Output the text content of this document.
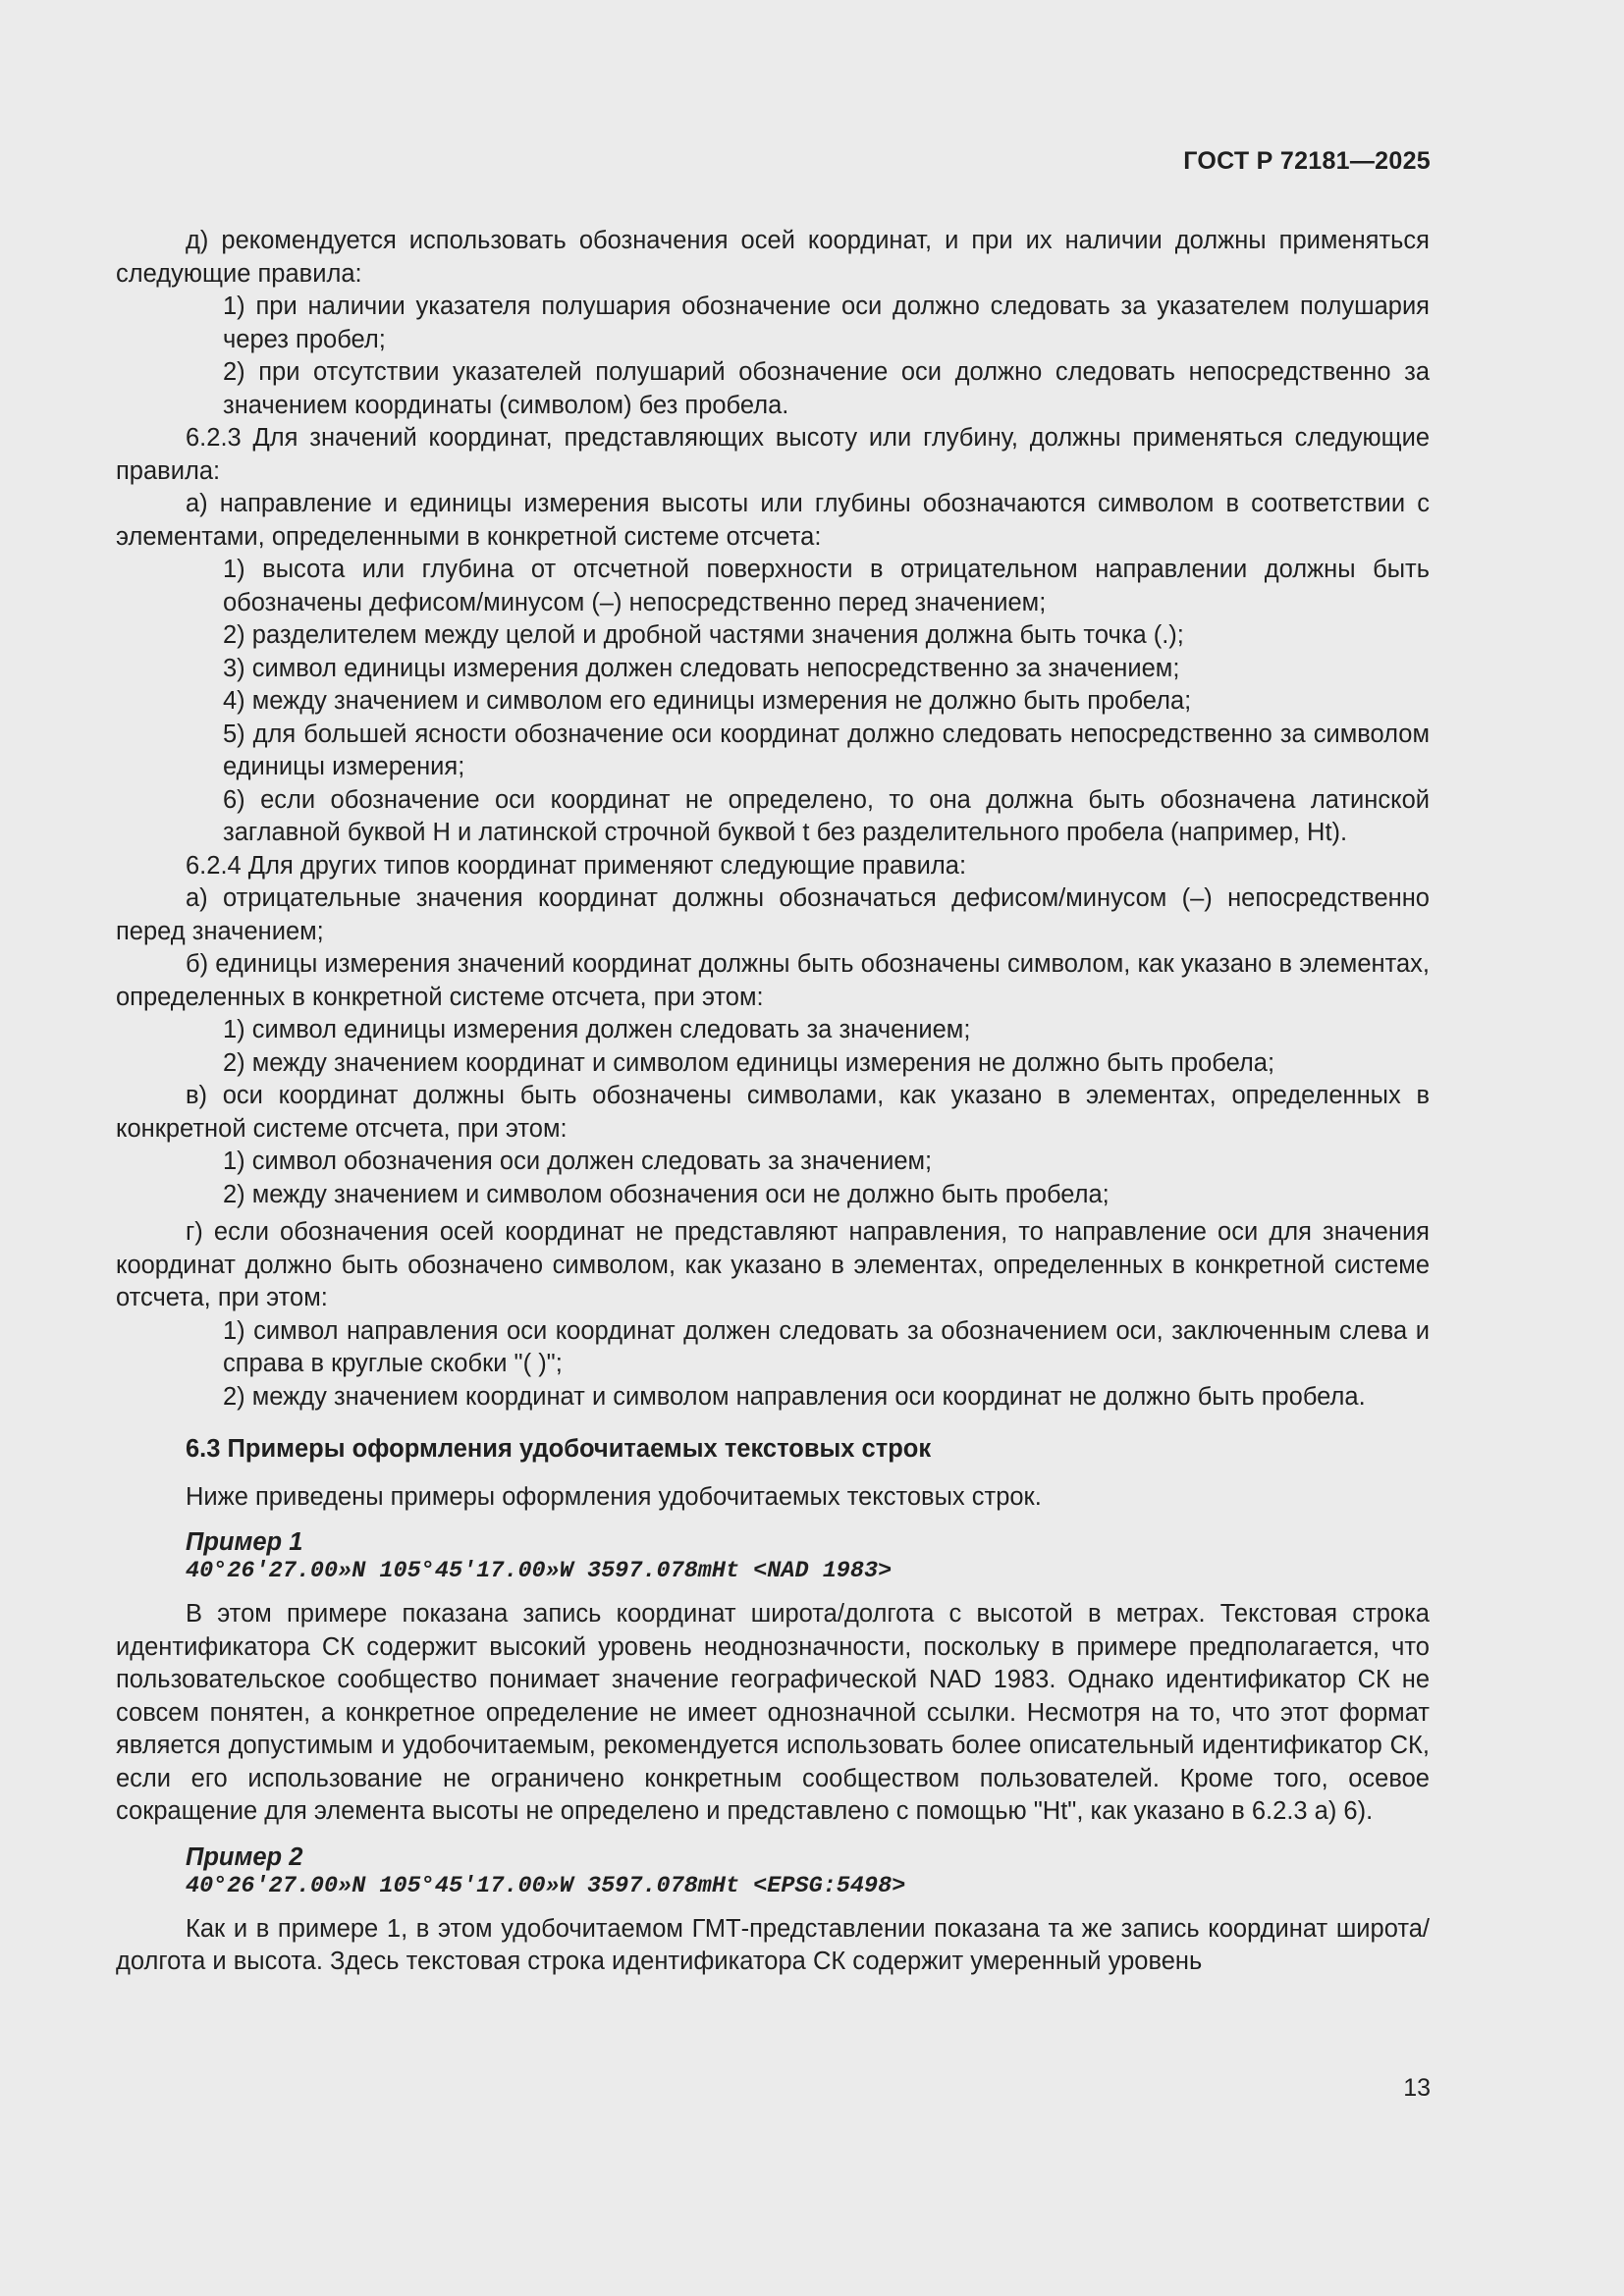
ГОСТ Р 72181—2025

д) рекомендуется использовать обозначения осей координат, и при их наличии должны применяться следующие правила:

1) при наличии указателя полушария обозначение оси должно следовать за указателем полушария через пробел;

2) при отсутствии указателей полушарий обозначение оси должно следовать непосредственно за значением координаты (символом) без пробела.

6.2.3 Для значений координат, представляющих высоту или глубину, должны применяться следующие правила:

а) направление и единицы измерения высоты или глубины обозначаются символом в соответствии с элементами, определенными в конкретной системе отсчета:

1) высота или глубина от отсчетной поверхности в отрицательном направлении должны быть обозначены дефисом/минусом (–) непосредственно перед значением;

2) разделителем между целой и дробной частями значения должна быть точка (.);

3) символ единицы измерения должен следовать непосредственно за значением;

4) между значением и символом его единицы измерения не должно быть пробела;

5) для большей ясности обозначение оси координат должно следовать непосредственно за символом единицы измерения;

6) если обозначение оси координат не определено, то она должна быть обозначена латинской заглавной буквой H и латинской строчной буквой t без разделительного пробела (например, Ht).

6.2.4 Для других типов координат применяют следующие правила:

а) отрицательные значения координат должны обозначаться дефисом/минусом (–) непосредственно перед значением;

б) единицы измерения значений координат должны быть обозначены символом, как указано в элементах, определенных в конкретной системе отсчета, при этом:

1) символ единицы измерения должен следовать за значением;

2) между значением координат и символом единицы измерения не должно быть пробела;

в) оси координат должны быть обозначены символами, как указано в элементах, определенных в конкретной системе отсчета, при этом:

1) символ обозначения оси должен следовать за значением;

2) между значением и символом обозначения оси не должно быть пробела;

г) если обозначения осей координат не представляют направления, то направление оси для значения координат должно быть обозначено символом, как указано в элементах, определенных в конкретной системе отсчета, при этом:

1) символ направления оси координат должен следовать за обозначением оси, заключенным слева и справа в круглые скобки "( )";

2) между значением координат и символом направления оси координат не должно быть пробела.

6.3 Примеры оформления удобочитаемых текстовых строк

Ниже приведены примеры оформления удобочитаемых текстовых строк.

Пример 1

40°26′27.00»N 105°45′17.00»W 3597.078mHt <NAD 1983>

В этом примере показана запись координат широта/долгота с высотой в метрах. Текстовая строка идентификатора СК содержит высокий уровень неоднозначности, поскольку в примере предполагается, что пользовательское сообщество понимает значение географической NAD 1983. Однако идентификатор СК не совсем понятен, а конкретное определение не имеет однозначной ссылки. Несмотря на то, что этот формат является допустимым и удобочитаемым, рекомендуется использовать более описательный идентификатор СК, если его использование не ограничено конкретным сообществом пользователей. Кроме того, осевое сокращение для элемента высоты не определено и представлено с помощью "Ht", как указано в 6.2.3 а) 6).

Пример 2

40°26′27.00»N 105°45′17.00»W 3597.078mHt <EPSG:5498>

Как и в примере 1, в этом удобочитаемом ГМТ-представлении показана та же запись координат широта/долгота и высота. Здесь текстовая строка идентификатора СК содержит умеренный уровень

13
